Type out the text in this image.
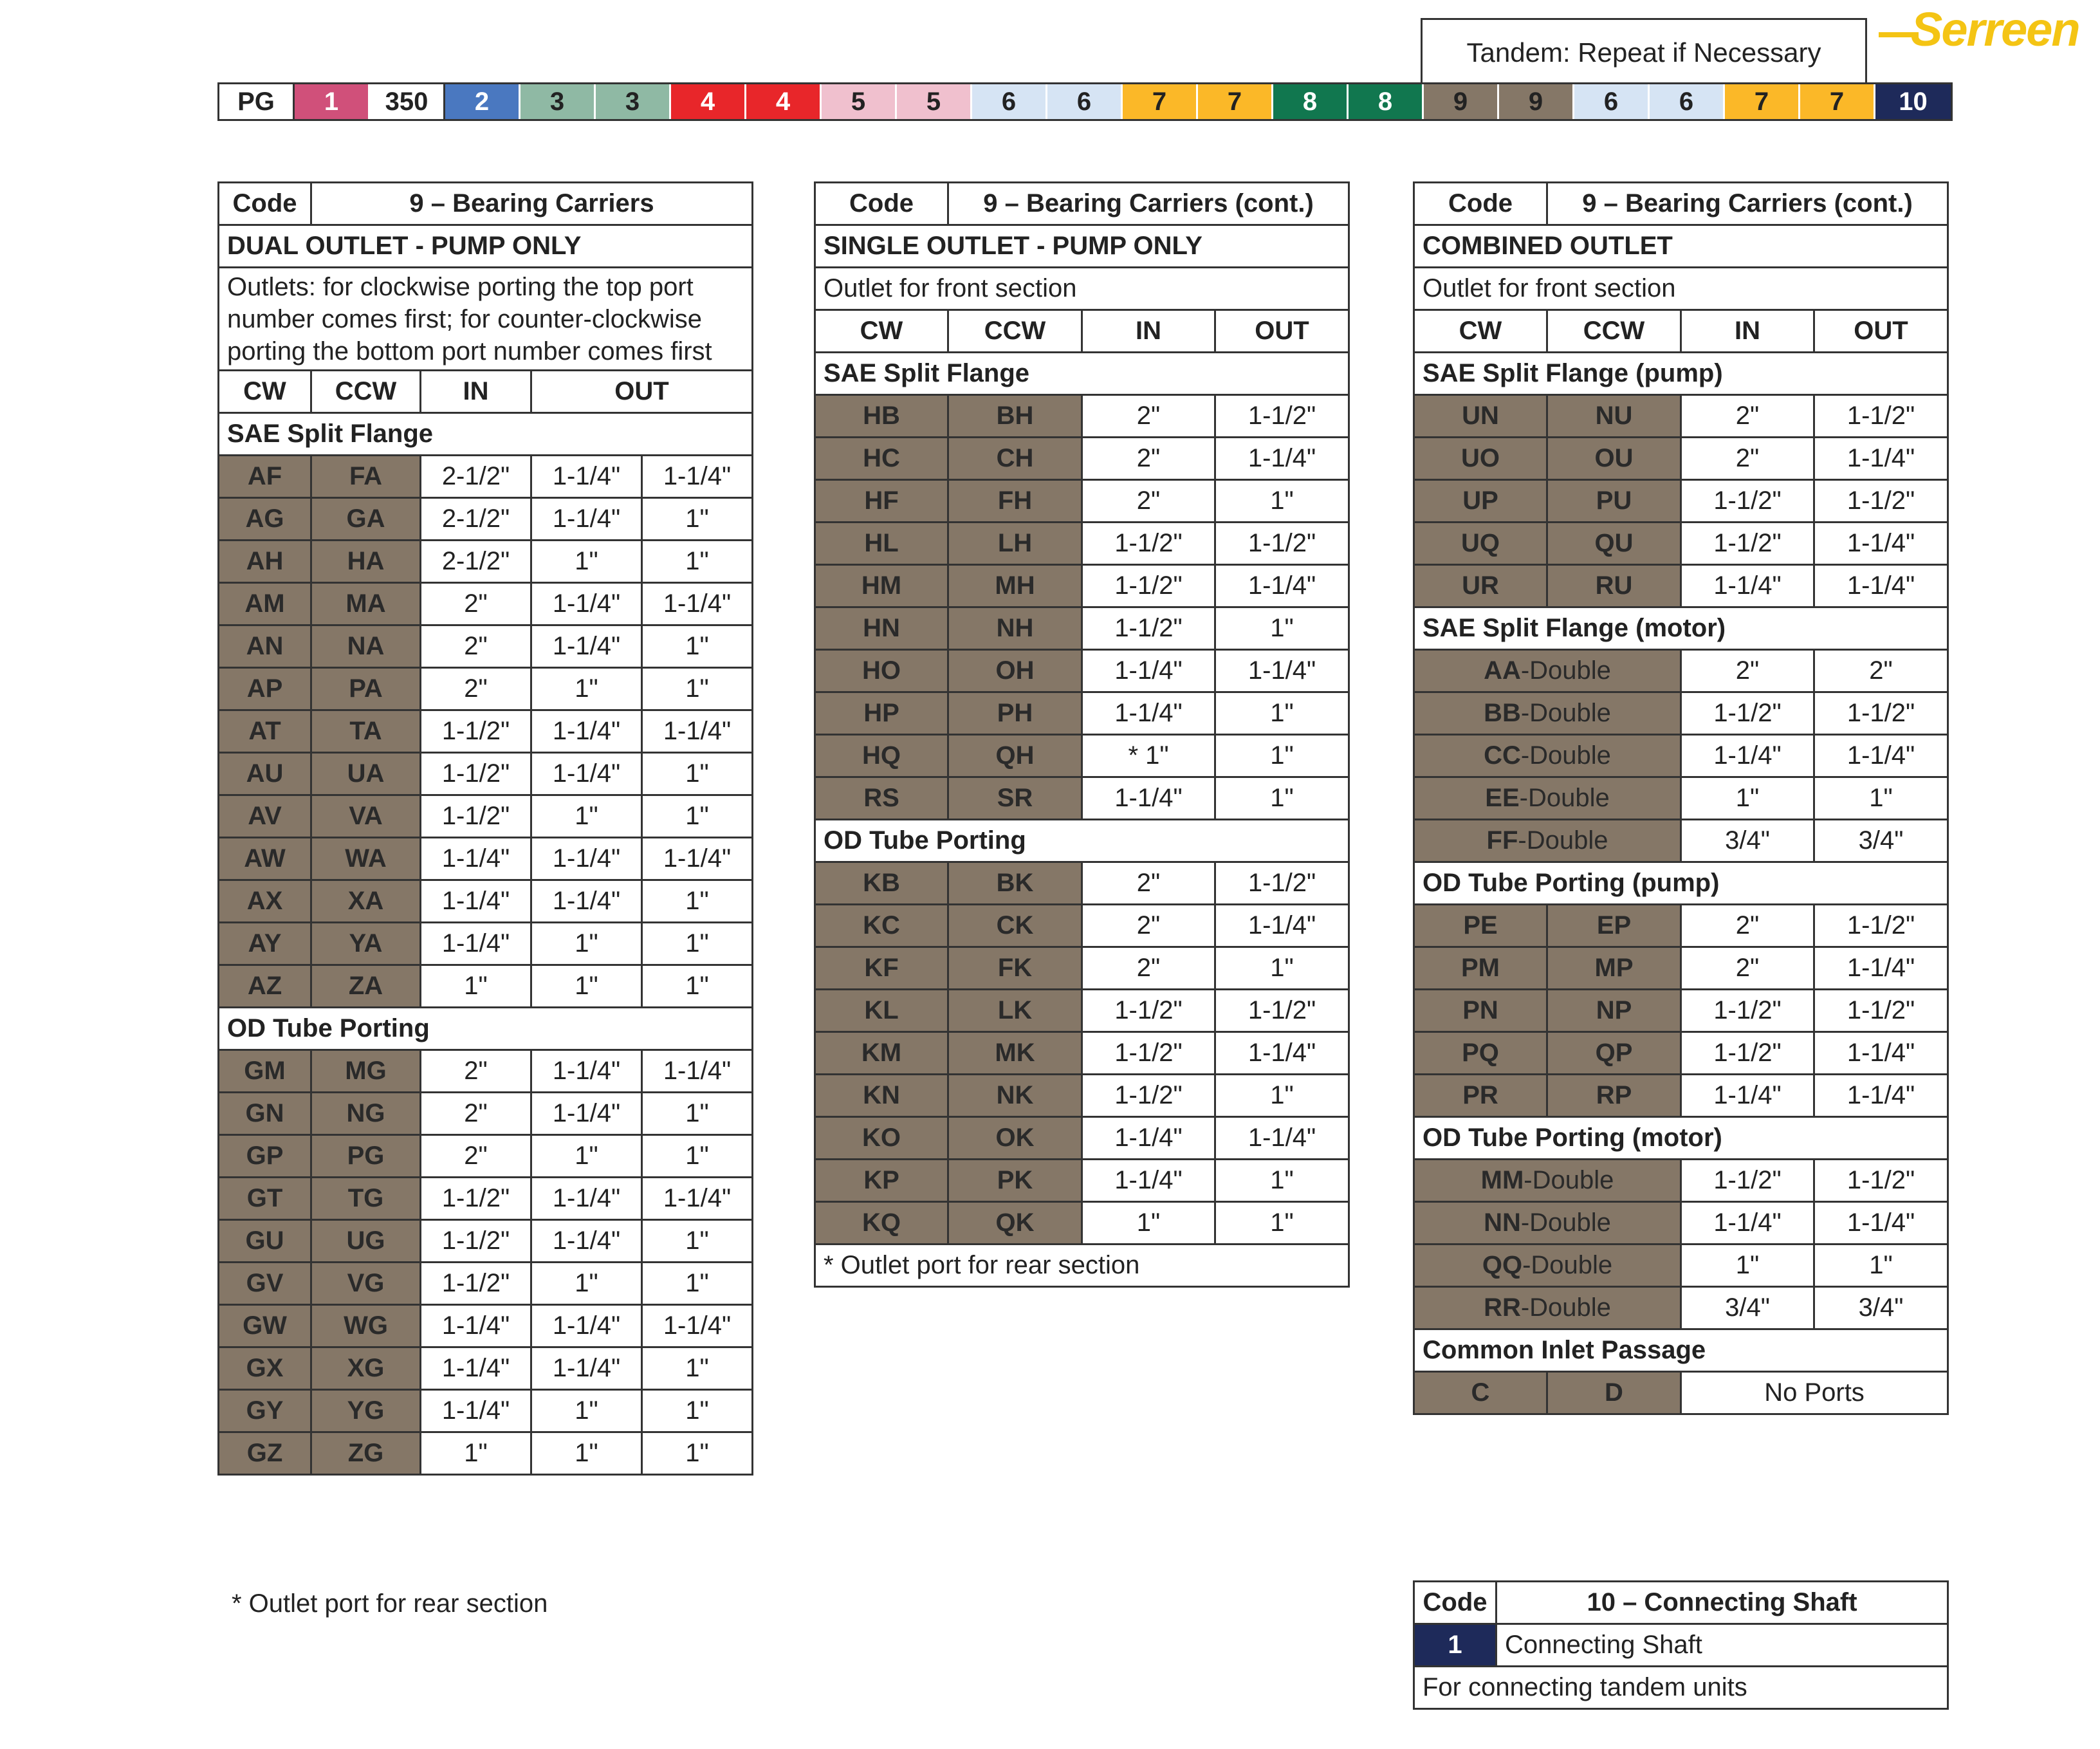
Serreen
Tandem: Repeat if Necessary
PG	1	350	2	3	3	4	4	5	5	6	6	7	7	8	8	9	9	6	6	7	7	10
Code	9 – Bearing Carriers			
DUAL OUTLET - PUMP ONLY				
Outlets: for clockwise porting the top port number comes first; for counter-clockwise porting the bottom port number comes first				
CW	CCW	IN	OUT	
SAE Split Flange				
AF	FA	2-1/2"	1-1/4"	1-1/4"
AG	GA	2-1/2"	1-1/4"	1"
AH	HA	2-1/2"	1"	1"
AM	MA	2"	1-1/4"	1-1/4"
AN	NA	2"	1-1/4"	1"
AP	PA	2"	1"	1"
AT	TA	1-1/2"	1-1/4"	1-1/4"
AU	UA	1-1/2"	1-1/4"	1"
AV	VA	1-1/2"	1"	1"
AW	WA	1-1/4"	1-1/4"	1-1/4"
AX	XA	1-1/4"	1-1/4"	1"
AY	YA	1-1/4"	1"	1"
AZ	ZA	1"	1"	1"
OD Tube Porting				
GM	MG	2"	1-1/4"	1-1/4"
GN	NG	2"	1-1/4"	1"
GP	PG	2"	1"	1"
GT	TG	1-1/2"	1-1/4"	1-1/4"
GU	UG	1-1/2"	1-1/4"	1"
GV	VG	1-1/2"	1"	1"
GW	WG	1-1/4"	1-1/4"	1-1/4"
GX	XG	1-1/4"	1-1/4"	1"
GY	YG	1-1/4"	1"	1"
GZ	ZG	1"	1"	1"
* Outlet port for rear section
Code	9 – Bearing Carriers (cont.)		
SINGLE OUTLET - PUMP ONLY			
Outlet for front section			
CW	CCW	IN	OUT
SAE Split Flange			
HB	BH	2"	1-1/2"
HC	CH	2"	1-1/4"
HF	FH	2"	1"
HL	LH	1-1/2"	1-1/2"
HM	MH	1-1/2"	1-1/4"
HN	NH	1-1/2"	1"
HO	OH	1-1/4"	1-1/4"
HP	PH	1-1/4"	1"
HQ	QH	* 1"	1"
RS	SR	1-1/4"	1"
OD Tube Porting			
KB	BK	2"	1-1/2"
KC	CK	2"	1-1/4"
KF	FK	2"	1"
KL	LK	1-1/2"	1-1/2"
KM	MK	1-1/2"	1-1/4"
KN	NK	1-1/2"	1"
KO	OK	1-1/4"	1-1/4"
KP	PK	1-1/4"	1"
KQ	QK	1"	1"
* Outlet port for rear section			
Code	9 – Bearing Carriers (cont.)		
COMBINED OUTLET			
Outlet for front section			
CW	CCW	IN	OUT
SAE Split Flange (pump)			
UN	NU	2"	1-1/2"
UO	OU	2"	1-1/4"
UP	PU	1-1/2"	1-1/2"
UQ	QU	1-1/2"	1-1/4"
UR	RU	1-1/4"	1-1/4"
SAE Split Flange (motor)			
AA-Double		2"	2"
BB-Double		1-1/2"	1-1/2"
CC-Double		1-1/4"	1-1/4"
EE-Double		1"	1"
FF-Double		3/4"	3/4"
OD Tube Porting (pump)			
PE	EP	2"	1-1/2"
PM	MP	2"	1-1/4"
PN	NP	1-1/2"	1-1/2"
PQ	QP	1-1/2"	1-1/4"
PR	RP	1-1/4"	1-1/4"
OD Tube Porting (motor)			
MM-Double		1-1/2"	1-1/2"
NN-Double		1-1/4"	1-1/4"
QQ-Double		1"	1"
RR-Double		3/4"	3/4"
Common Inlet Passage			
C	D	No Ports	
Code	10 – Connecting Shaft
1	Connecting Shaft
For connecting tandem units	
